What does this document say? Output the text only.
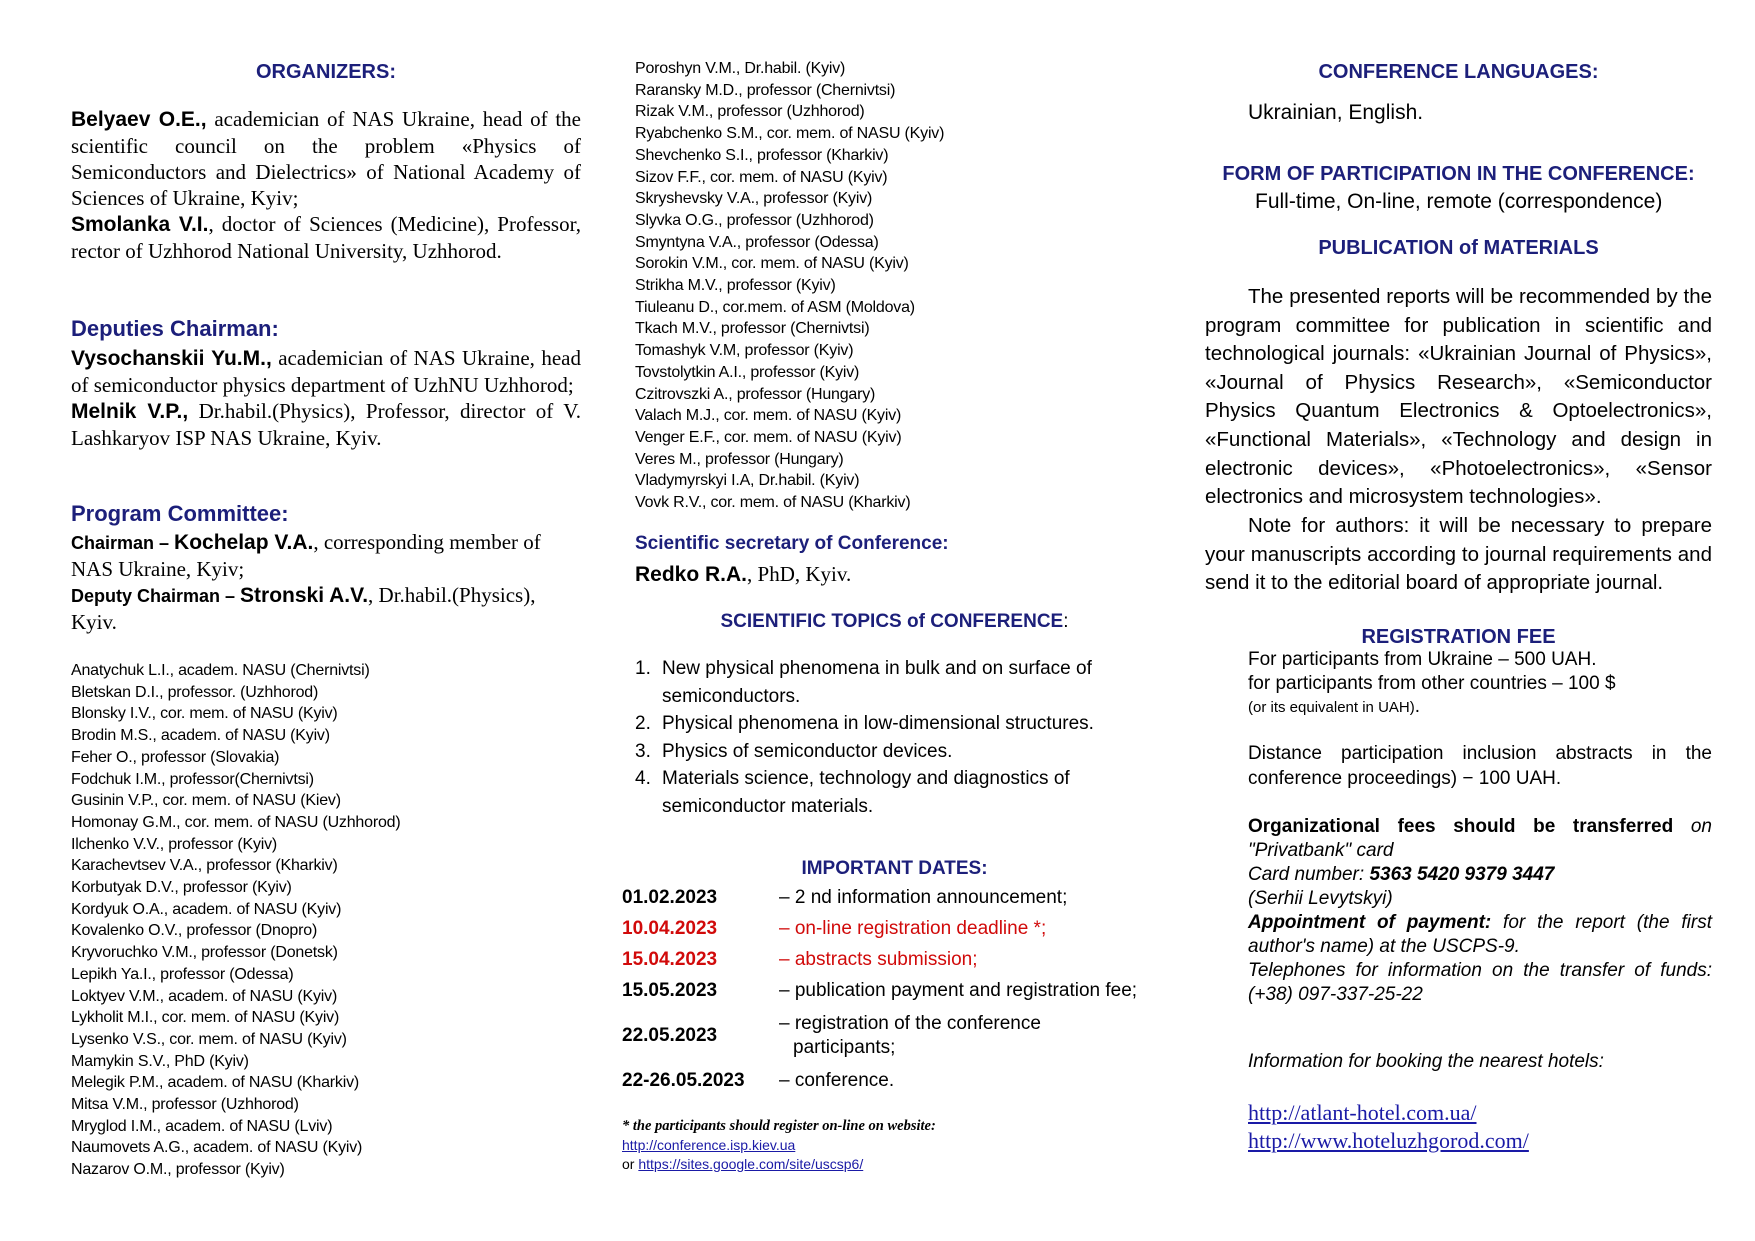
ORGANIZERS:
Belyaev O.E., academician of NAS Ukraine, head of the scientific council on the problem «Physics of Semiconductors and Dielectrics» of National Academy of Sciences of Ukraine, Kyiv;
Smolanka V.I., doctor of Sciences (Medicine), Professor, rector of Uzhhorod National University, Uzhhorod.
Deputies Chairman:
Vysochanskii Yu.M., academician of NAS Ukraine, head of semiconductor physics department of UzhNU Uzhhorod;
Melnik V.P., Dr.habil.(Physics), Professor, director of V. Lashkaryov ISP NAS Ukraine, Kyiv.
Program Committee:
Chairman – Kochelap V.A., corresponding member of NAS Ukraine, Kyiv;
Deputy Chairman – Stronski A.V., Dr.habil.(Physics), Kyiv.
Anatychuk L.I., academ. NASU (Chernivtsi)
Bletskan D.I., professor. (Uzhhorod)
Blonsky I.V., cor. mem. of NASU (Kyiv)
Brodin M.S., academ. of NASU (Kyiv)
Feher O., professor (Slovakia)
Fodchuk I.M., professor(Chernivtsi)
Gusinin V.P., cor. mem. of NASU (Kiev)
Homonay G.M., cor. mem. of NASU (Uzhhorod)
Ilchenko V.V., professor (Kyiv)
Karachevtsev V.A., professor (Kharkiv)
Korbutyak D.V., professor (Kyiv)
Kordyuk O.A., academ. of NASU (Kyiv)
Kovalenko O.V., professor (Dnopro)
Kryvoruchko V.M., professor (Donetsk)
Lepikh Ya.I., professor (Odessa)
Loktyev V.M., academ. of NASU (Kyiv)
Lykholit M.I., cor. mem. of NASU (Kyiv)
Lysenko V.S., cor. mem. of NASU (Kyiv)
Mamykin S.V., PhD (Kyiv)
Melegik P.M., academ. of NASU (Kharkiv)
Mitsa V.M., professor (Uzhhorod)
Mryglod I.M., academ. of NASU (Lviv)
Naumovets A.G., academ. of NASU (Kyiv)
Nazarov O.M., professor (Kyiv)
Poroshyn V.M., Dr.habil. (Kyiv)
Raransky M.D., professor (Chernivtsi)
Rizak V.M., professor (Uzhhorod)
Ryabchenko S.M., cor. mem. of NASU (Kyiv)
Shevchenko S.I., professor (Kharkiv)
Sizov F.F., cor. mem. of NASU (Kyiv)
Skryshevsky V.A., professor (Kyiv)
Slyvka O.G., professor (Uzhhorod)
Smyntyna V.A., professor (Odessa)
Sorokin V.M., cor. mem. of NASU (Kyiv)
Strikha M.V., professor (Kyiv)
Tiuleanu D., cor.mem. of ASM (Moldova)
Tkach M.V., professor (Chernivtsi)
Tomashyk V.M, professor (Kyiv)
Tovstolytkin A.I., professor (Kyiv)
Czitrovszki A., professor (Hungary)
Valach M.J., cor. mem. of NASU (Kyiv)
Venger E.F., cor. mem. of NASU (Kyiv)
Veres M., professor (Hungary)
Vladymyrskyi I.A, Dr.habil. (Kyiv)
Vovk R.V., cor. mem. of NASU (Kharkiv)
Scientific secretary of Conference:
Redko R.A., PhD, Kyiv.
SCIENTIFIC TOPICS of CONFERENCE:
1. New physical phenomena in bulk and on surface of
semiconductors.
2. Physical phenomena in low-dimensional structures.
3. Physics of semiconductor devices.
4. Materials science, technology and diagnostics of
semiconductor materials.
IMPORTANT DATES:
01.02.2023	– 2 nd information announcement;
10.04.2023	– on-line registration deadline *;
15.04.2023	– abstracts submission;
15.05.2023	– publication payment and registration fee;
22.05.2023
– registration of the conference
participants;
22-26.05.2023	– conference.
* the participants should register on-line on website:
http://conference.isp.kiev.ua
or https://sites.google.com/site/uscsp6/
CONFERENCE LANGUAGES:
Ukrainian, English.
FORM OF PARTICIPATION IN THE CONFERENCE:
Full-time, On-line, remote (correspondence)
PUBLICATION of MATERIALS
The presented reports will be recommended by the program committee for publication in scientific and technological journals: «Ukrainian Journal of Physics», «Journal of Physics Research», «Semiconductor Physics Quantum Electronics & Optoelectronics», «Functional Materials», «Technology and design in electronic devices», «Photoelectronics», «Sensor electronics and microsystem technologies».
Note for authors: it will be necessary to prepare your manuscripts according to journal requirements and send it to the editorial board of appropriate journal.
REGISTRATION FEE
For participants from Ukraine – 500 UAH.
for participants from other countries – 100 $
(or its equivalent in UAH).
Distance participation inclusion abstracts in the conference proceedings) − 100 UAH.
Organizational fees should be transferred on "Privatbank" card
Card number: 5363 5420 9379 3447
(Serhii Levytskyi)
Appointment of payment: for the report (the first author's name) at the USCPS-9.
Telephones for information on the transfer of funds: (+38) 097-337-25-22
Information for booking the nearest hotels:
http://atlant-hotel.com.ua/
http://www.hoteluzhgorod.com/
